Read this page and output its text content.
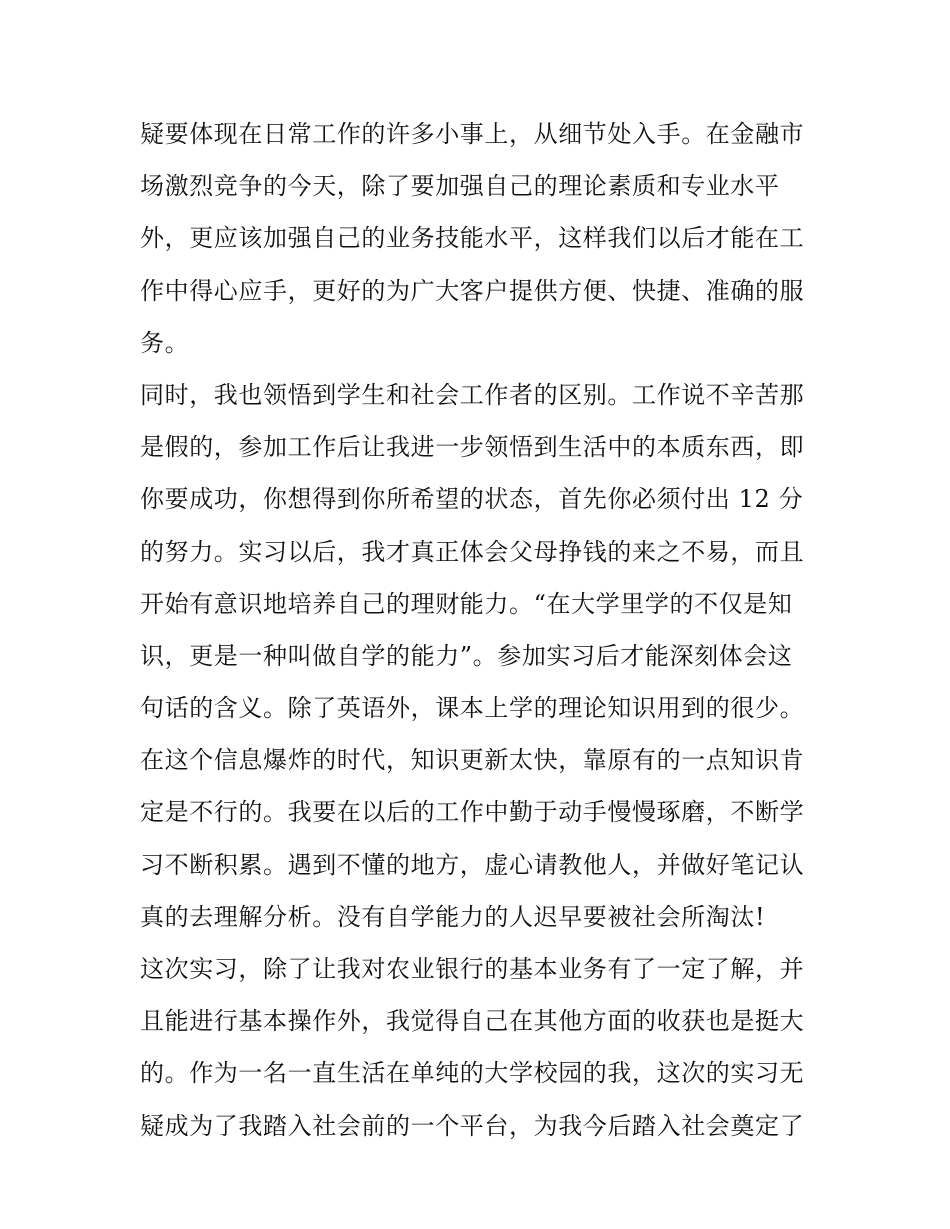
疑要体现在日常工作的许多小事上，从细节处入手。在金融市
场激烈竞争的今天，除了要加强自己的理论素质和专业水平
外，更应该加强自己的业务技能水平，这样我们以后才能在工
作中得心应手，更好的为广大客户提供方便、快捷、准确的服
务。
同时，我也领悟到学生和社会工作者的区别。工作说不辛苦那
是假的，参加工作后让我进一步领悟到生活中的本质东西，即
你要成功，你想得到你所希望的状态，首先你必须付出 12 分
的努力。实习以后，我才真正体会父母挣钱的来之不易，而且
开始有意识地培养自己的理财能力。“在大学里学的不仅是知
识，更是一种叫做自学的能力”。参加实习后才能深刻体会这
句话的含义。除了英语外，课本上学的理论知识用到的很少。
在这个信息爆炸的时代，知识更新太快，靠原有的一点知识肯
定是不行的。我要在以后的工作中勤于动手慢慢琢磨，不断学
习不断积累。遇到不懂的地方，虚心请教他人，并做好笔记认
真的去理解分析。没有自学能力的人迟早要被社会所淘汰!
这次实习，除了让我对农业银行的基本业务有了一定了解，并
且能进行基本操作外，我觉得自己在其他方面的收获也是挺大
的。作为一名一直生活在单纯的大学校园的我，这次的实习无
疑成为了我踏入社会前的一个平台，为我今后踏入社会奠定了
